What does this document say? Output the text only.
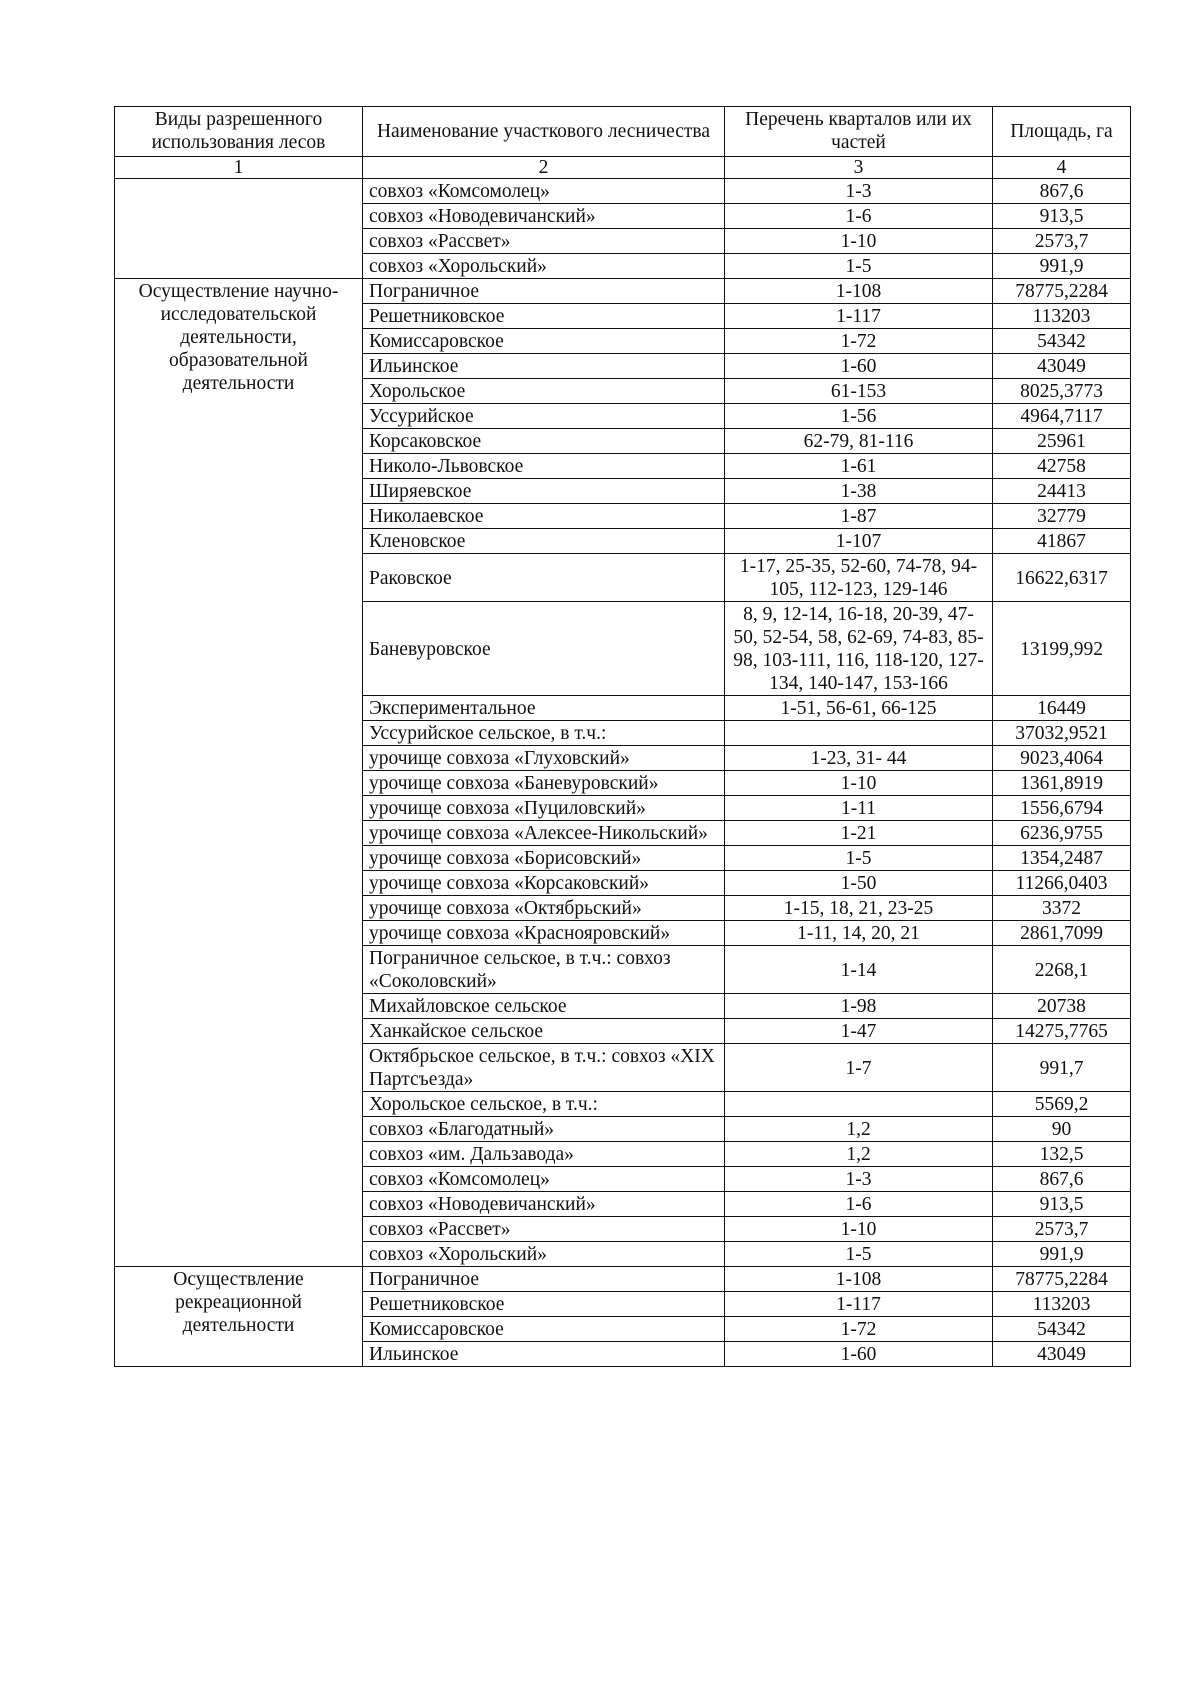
Виды разрешенного использования лесов	Наименование участкового лесничества	Перечень кварталов или их частей	Площадь, га
1	2	3	4
	совхоз «Комсомолец»	1-3	867,6
	совхоз «Новодевичанский»	1-6	913,5
	совхоз «Рассвет»	1-10	2573,7
	совхоз «Хорольский»	1-5	991,9
Осуществление научно-исследовательской деятельности, образовательной деятельности	Пограничное	1-108	78775,2284
	Решетниковское	1-117	113203
	Комиссаровское	1-72	54342
	Ильинское	1-60	43049
	Хорольское	61-153	8025,3773
	Уссурийское	1-56	4964,7117
	Корсаковское	62-79, 81-116	25961
	Николо-Львовское	1-61	42758
	Ширяевское	1-38	24413
	Николаевское	1-87	32779
	Кленовское	1-107	41867
	Раковское	1-17, 25-35, 52-60, 74-78, 94-105, 112-123, 129-146	16622,6317
	Баневуровское	8, 9, 12-14, 16-18, 20-39, 47-50, 52-54, 58, 62-69, 74-83, 85-98, 103-111, 116, 118-120, 127-134, 140-147, 153-166	13199,992
	Экспериментальное	1-51, 56-61, 66-125	16449
	Уссурийское сельское, в т.ч.:		37032,9521
	урочище совхоза «Глуховский»	1-23, 31- 44	9023,4064
	урочище совхоза «Баневуровский»	1-10	1361,8919
	урочище совхоза «Пуциловский»	1-11	1556,6794
	урочище совхоза «Алексее-Никольский»	1-21	6236,9755
	урочище совхоза «Борисовский»	1-5	1354,2487
	урочище совхоза «Корсаковский»	1-50	11266,0403
	урочище совхоза «Октябрьский»	1-15, 18, 21, 23-25	3372
	урочище совхоза «Краснояровский»	1-11, 14, 20, 21	2861,7099
	Пограничное сельское, в т.ч.: совхоз «Соколовский»	1-14	2268,1
	Михайловское сельское	1-98	20738
	Ханкайское сельское	1-47	14275,7765
	Октябрьское сельское, в т.ч.: совхоз «XIX Партсъезда»	1-7	991,7
	Хорольское сельское, в т.ч.:		5569,2
	совхоз «Благодатный»	1,2	90
	совхоз «им. Дальзавода»	1,2	132,5
	совхоз «Комсомолец»	1-3	867,6
	совхоз «Новодевичанский»	1-6	913,5
	совхоз «Рассвет»	1-10	2573,7
	совхоз «Хорольский»	1-5	991,9
Осуществление рекреационной деятельности	Пограничное	1-108	78775,2284
	Решетниковское	1-117	113203
	Комиссаровское	1-72	54342
	Ильинское	1-60	43049
